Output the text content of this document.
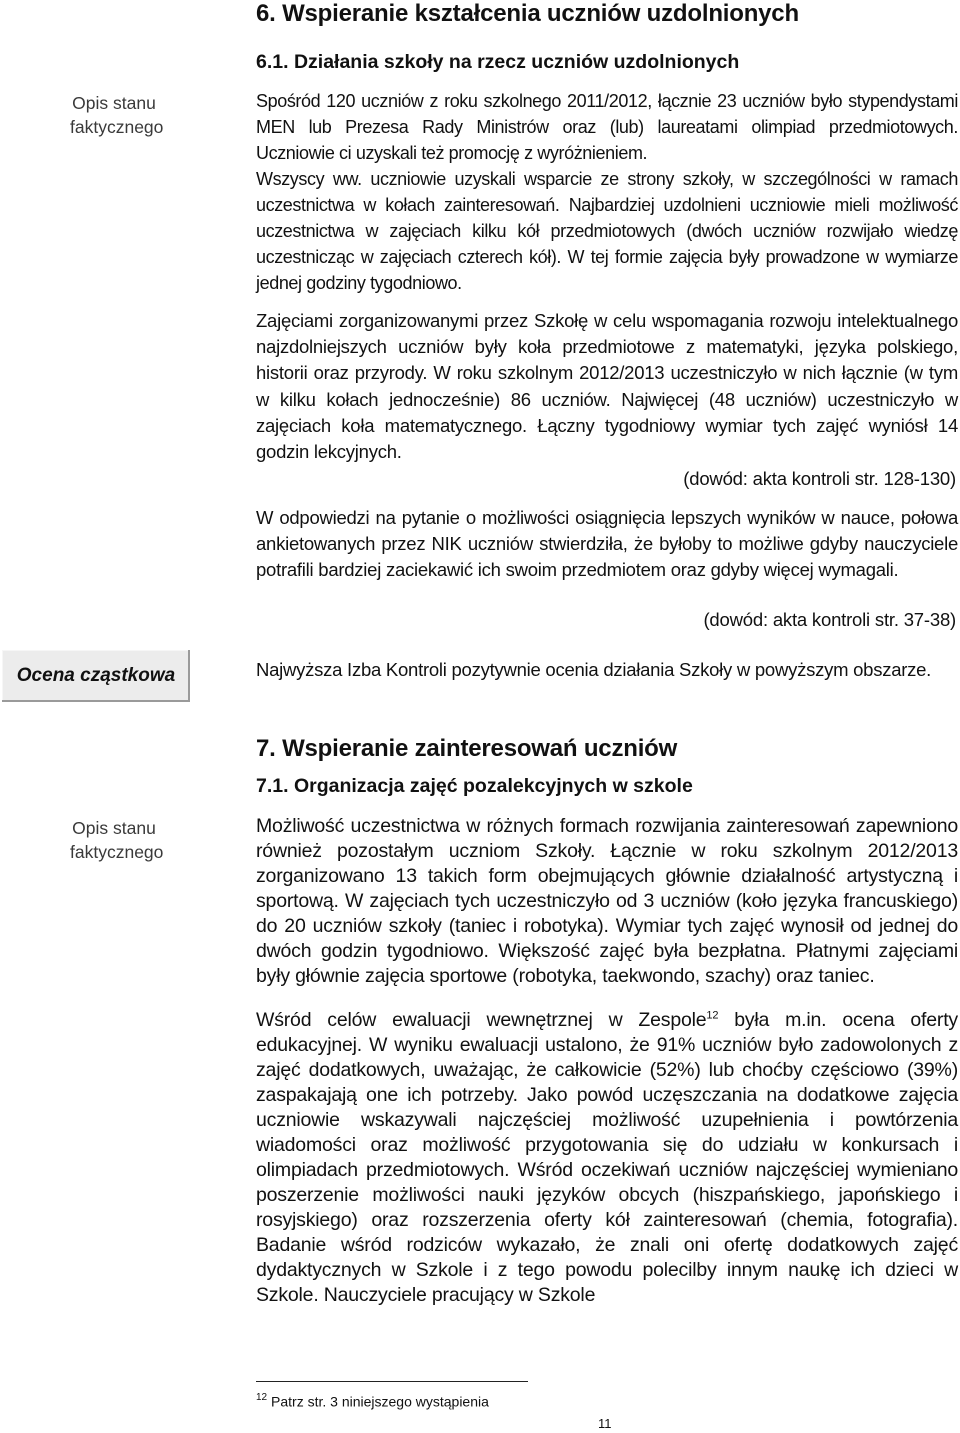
6. Wspieranie kształcenia uczniów uzdolnionych
6.1. Działania szkoły na rzecz uczniów uzdolnionych
Opis stanu faktycznego
Ocena cząstkowa
Opis stanu faktycznego
Spośród 120 uczniów z roku szkolnego 2011/2012, łącznie 23 uczniów było stypendystami MEN lub Prezesa Rady Ministrów oraz (lub) laureatami olimpiad przedmiotowych. Uczniowie ci uzyskali też promocję z wyróżnieniem.
Wszyscy ww. uczniowie uzyskali wsparcie ze strony szkoły, w szczególności w ramach uczestnictwa w kołach zainteresowań. Najbardziej uzdolnieni uczniowie mieli możliwość uczestnictwa w zajęciach kilku kół przedmiotowych (dwóch uczniów rozwijało wiedzę uczestnicząc w zajęciach czterech kół). W tej formie zajęcia były prowadzone w wymiarze jednej godziny tygodniowo.
Zajęciami zorganizowanymi przez Szkołę w celu wspomagania rozwoju intelektualnego najzdolniejszych uczniów były koła przedmiotowe z matematyki, języka polskiego, historii oraz przyrody. W roku szkolnym 2012/2013 uczestniczyło w nich łącznie (w tym w kilku kołach jednocześnie) 86 uczniów. Najwięcej (48 uczniów) uczestniczyło w zajęciach koła matematycznego. Łączny tygodniowy wymiar tych zajęć wyniósł 14 godzin lekcyjnych.
(dowód: akta kontroli str. 128-130)
W odpowiedzi na pytanie o możliwości osiągnięcia lepszych wyników w nauce, połowa ankietowanych przez NIK uczniów stwierdziła, że byłoby to możliwe gdyby nauczyciele potrafili bardziej zaciekawić ich swoim przedmiotem oraz gdyby więcej wymagali.
(dowód: akta kontroli str. 37-38)
Najwyższa Izba Kontroli pozytywnie ocenia działania Szkoły w powyższym obszarze.
7. Wspieranie zainteresowań uczniów
7.1. Organizacja zajęć pozalekcyjnych w szkole
Możliwość uczestnictwa w różnych formach rozwijania zainteresowań zapewniono również pozostałym uczniom Szkoły. Łącznie w roku szkolnym 2012/2013 zorganizowano 13 takich form obejmujących głównie działalność artystyczną i sportową. W zajęciach tych uczestniczyło od 3 uczniów (koło języka francuskiego) do 20 uczniów szkoły (taniec i robotyka). Wymiar tych zajęć wynosił od jednej do dwóch godzin tygodniowo. Większość zajęć była bezpłatna. Płatnymi zajęciami były głównie zajęcia sportowe (robotyka, taekwondo, szachy) oraz taniec.
Wśród celów ewaluacji wewnętrznej w Zespole$^{12}$ była m.in. ocena oferty edukacyjnej. W wyniku ewaluacji ustalono, że 91% uczniów było zadowolonych z zajęć dodatkowych, uważając, że całkowicie (52%) lub choćby częściowo (39%) zaspakajają one ich potrzeby. Jako powód uczęszczania na dodatkowe zajęcia uczniowie wskazywali najczęściej możliwość uzupełnienia i powtórzenia wiadomości oraz możliwość przygotowania się do udziału w konkursach i olimpiadach przedmiotowych. Wśród oczekiwań uczniów najczęściej wymieniano poszerzenie możliwości nauki języków obcych (hiszpańskiego, japońskiego i rosyjskiego) oraz rozszerzenia oferty kół zainteresowań (chemia, fotografia). Badanie wśród rodziców wykazało, że znali oni ofertę dodatkowych zajęć dydaktycznych w Szkole i z tego powodu polecilby innym naukę ich dzieci w Szkole. Nauczyciele pracujący w Szkole
$^{12}$ Patrz str. 3 niniejszego wystąpienia
11
